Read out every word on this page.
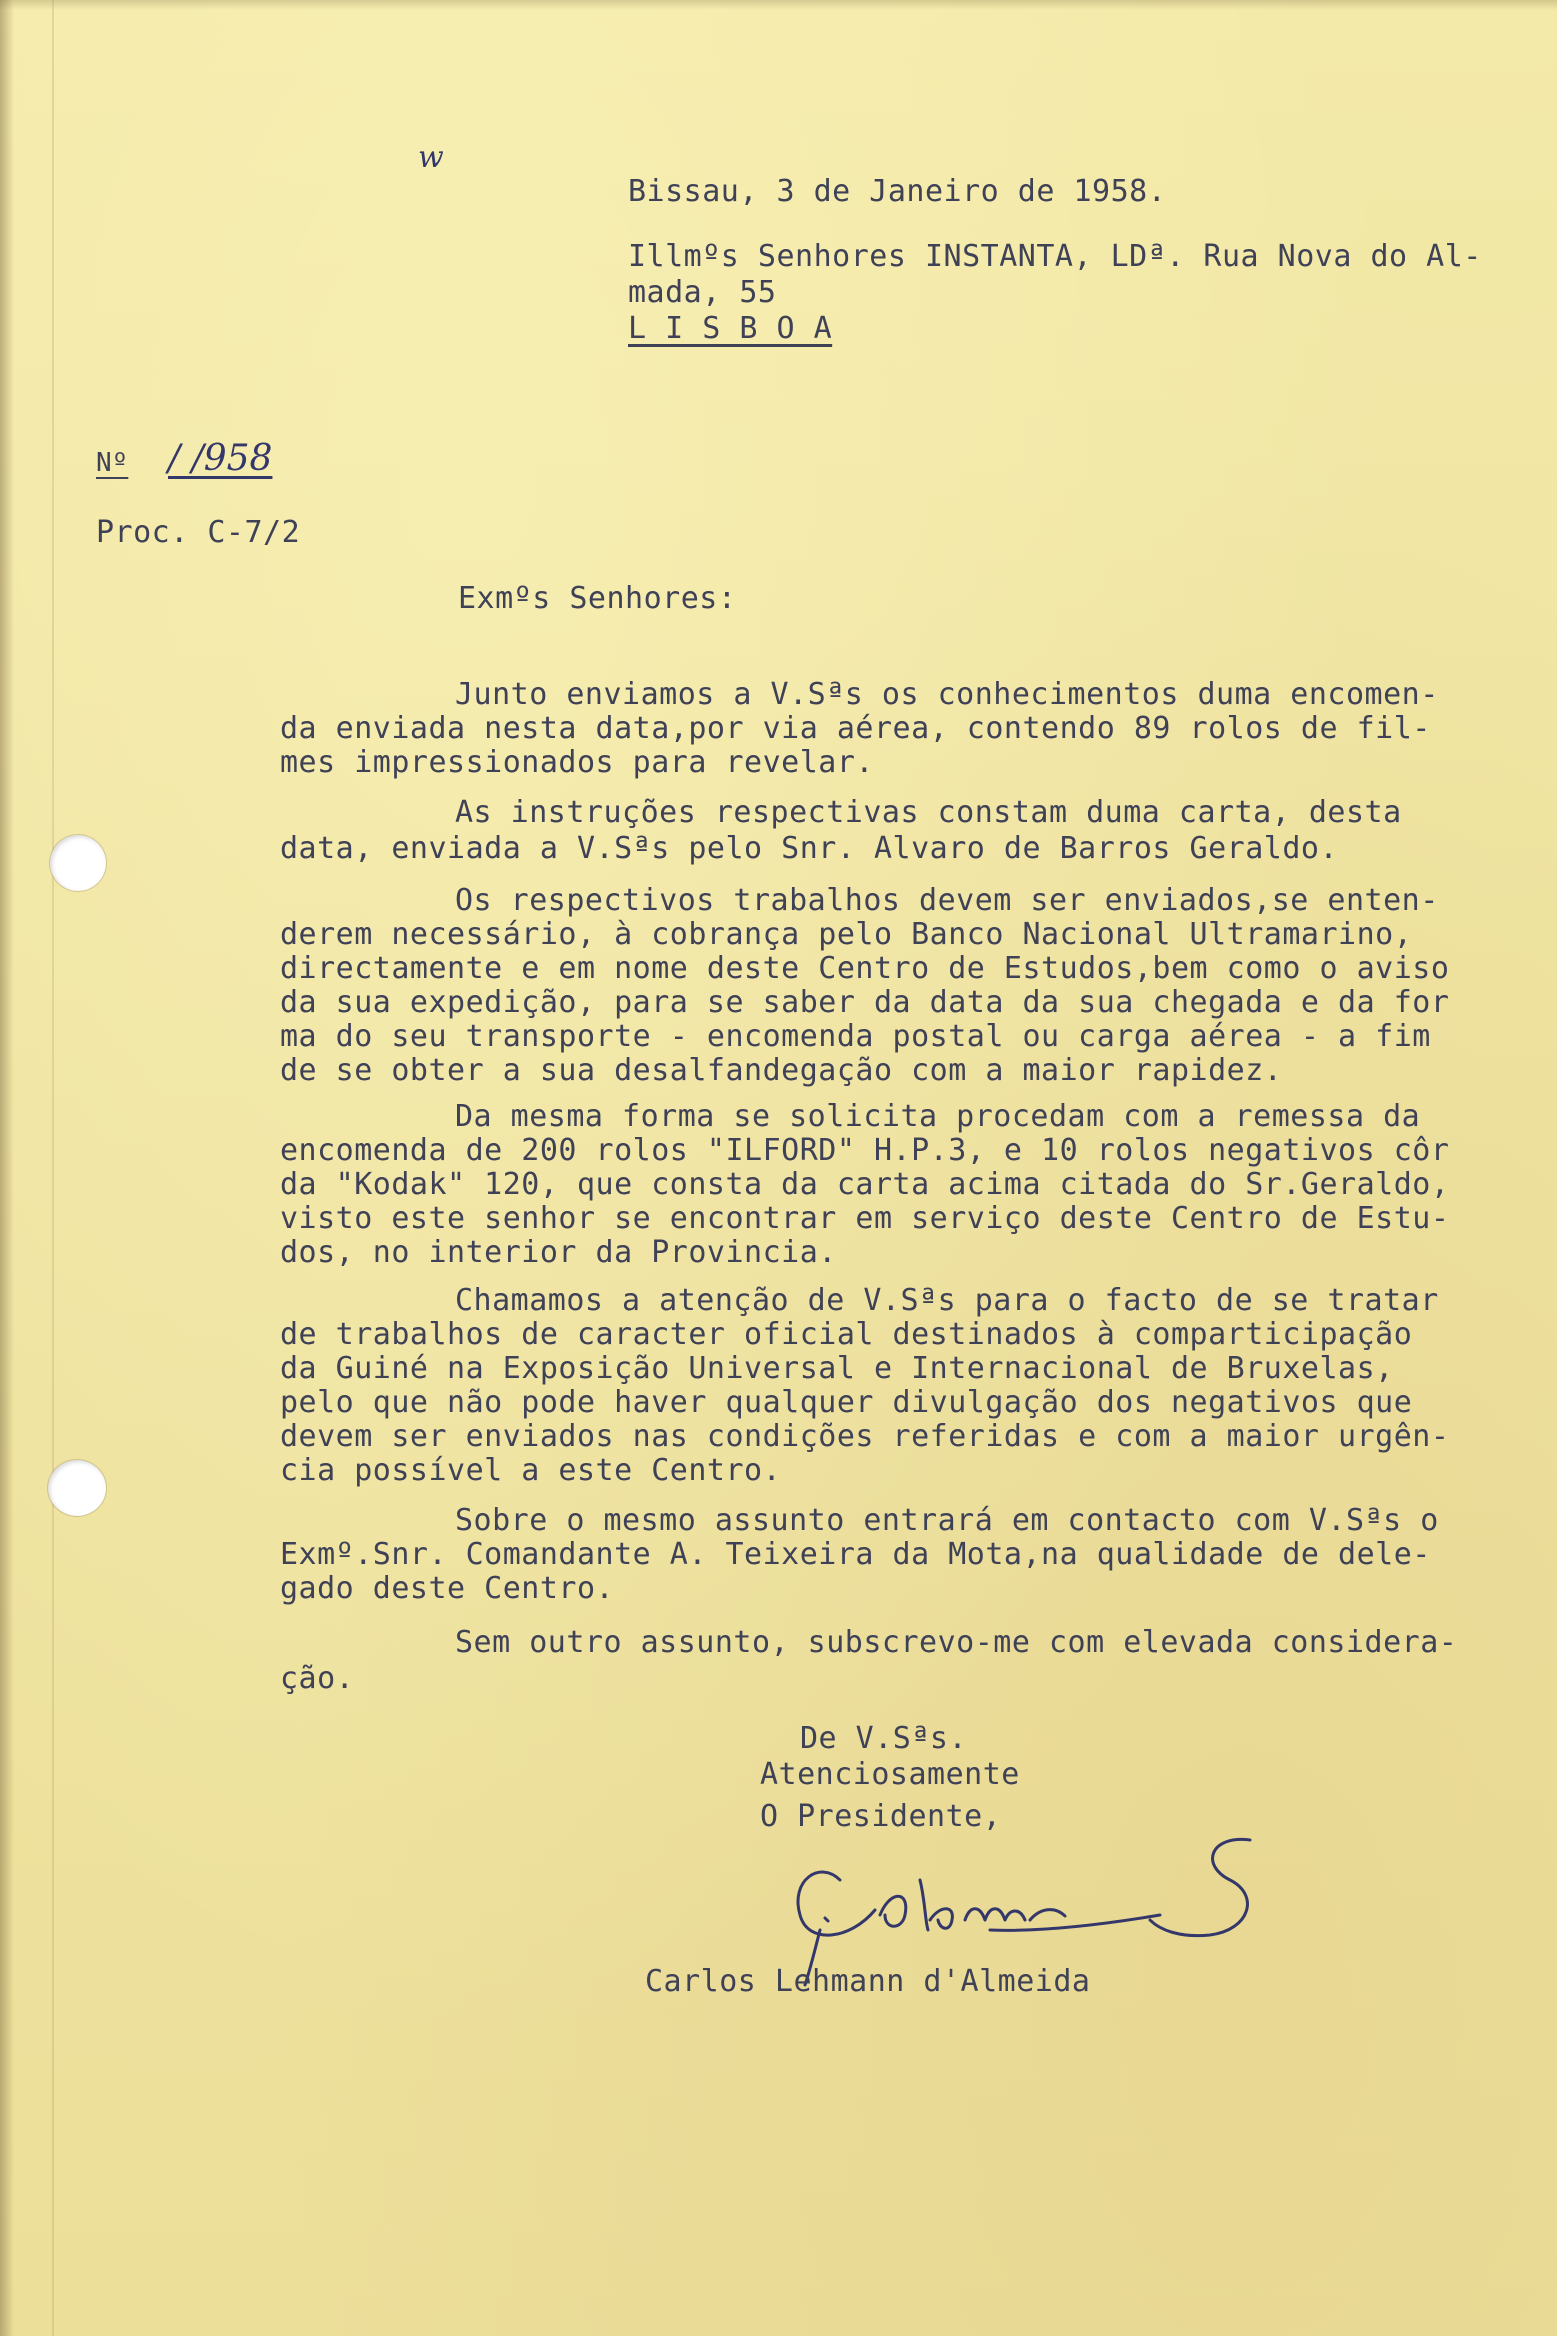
w
Bissau, 3 de Janeiro de 1958.
Illmºs Senhores INSTANTA, LDª. Rua Nova do Al-
mada, 55
L I S B O A
Nº / /958
Proc. C-7/2
Exmºs Senhores:
Junto enviamos a V.Sªs os conhecimentos duma encomen-
da enviada nesta data,por via aérea, contendo 89 rolos de fil-
mes impressionados para revelar.
As instruções respectivas constam duma carta, desta
data, enviada a V.Sªs pelo Snr. Alvaro de Barros Geraldo.
Os respectivos trabalhos devem ser enviados,se enten-
derem necessário, à cobrança pelo Banco Nacional Ultramarino,
directamente e em nome deste Centro de Estudos,bem como o aviso
da sua expedição, para se saber da data da sua chegada e da for
ma do seu transporte - encomenda postal ou carga aérea - a fim
de se obter a sua desalfandegação com a maior rapidez.
Da mesma forma se solicita procedam com a remessa da
encomenda de 200 rolos "ILFORD" H.P.3, e 10 rolos negativos côr
da "Kodak" 120, que consta da carta acima citada do Sr.Geraldo,
visto este senhor se encontrar em serviço deste Centro de Estu-
dos, no interior da Provincia.
Chamamos a atenção de V.Sªs para o facto de se tratar
de trabalhos de caracter oficial destinados à comparticipação
da Guiné na Exposição Universal e Internacional de Bruxelas,
pelo que não pode haver qualquer divulgação dos negativos que
devem ser enviados nas condições referidas e com a maior urgên-
cia possível a este Centro.
Sobre o mesmo assunto entrará em contacto com V.Sªs o
Exmº.Snr. Comandante A. Teixeira da Mota,na qualidade de dele-
gado deste Centro.
Sem outro assunto, subscrevo-me com elevada considera-
ção.
De V.Sªs.
Atenciosamente
O Presidente,
Carlos Lehmann d'Almeida
